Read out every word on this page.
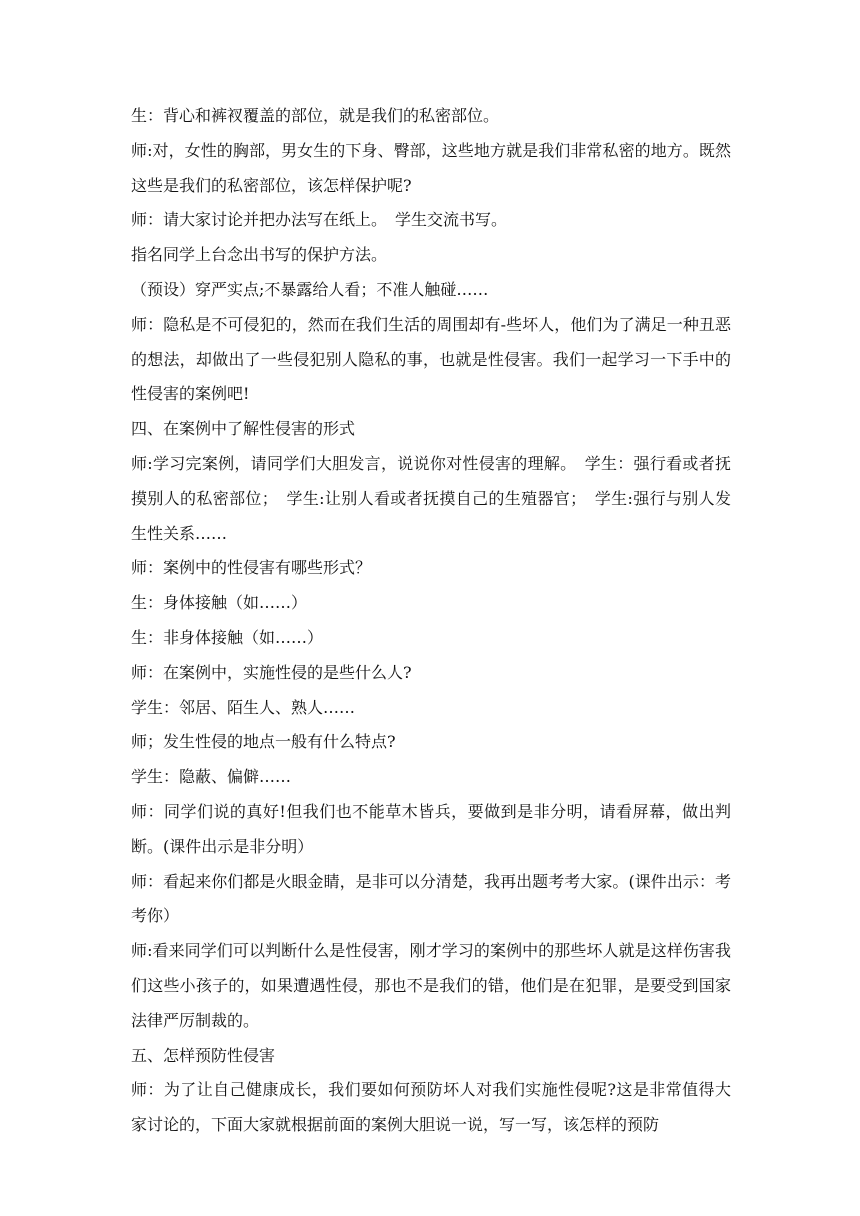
生：背心和裤衩覆盖的部位，就是我们的私密部位。

师:对，女性的胸部，男女生的下身、臀部，这些地方就是我们非常私密的地方。既然这些是我们的私密部位，该怎样保护呢?

师：请大家讨论并把办法写在纸上。　学生交流书写。

指名同学上台念出书写的保护方法。

（预设）穿严实点;不暴露给人看；不准人触碰……

师：隐私是不可侵犯的，然而在我们生活的周围却有-些坏人，他们为了满足一种丑恶的想法，却做出了一些侵犯别人隐私的事，也就是性侵害。我们一起学习一下手中的性侵害的案例吧!

四、在案例中了解性侵害的形式

师:学习完案例，请同学们大胆发言，说说你对性侵害的理解。　学生：强行看或者抚摸别人的私密部位；　学生:让别人看或者抚摸自己的生殖器官；　学生:强行与别人发生性关系……

师：案例中的性侵害有哪些形式？

生：身体接触（如……）

生：非身体接触（如……）

师：在案例中，实施性侵的是些什么人?

学生：邻居、陌生人、熟人……

师；发生性侵的地点一般有什么特点?

学生：隐蔽、偏僻……

师：同学们说的真好!但我们也不能草木皆兵，要做到是非分明，请看屏幕，做出判断。(课件出示是非分明）

师：看起来你们都是火眼金睛，是非可以分清楚，我再出题考考大家。(课件出示：考考你）

师:看来同学们可以判断什么是性侵害，刚才学习的案例中的那些坏人就是这样伤害我们这些小孩子的，如果遭遇性侵，那也不是我们的错，他们是在犯罪，是要受到国家法律严厉制裁的。

五、怎样预防性侵害

师：为了让自己健康成长，我们要如何预防坏人对我们实施性侵呢?这是非常值得大家讨论的，下面大家就根据前面的案例大胆说一说，写一写，该怎样的预防
